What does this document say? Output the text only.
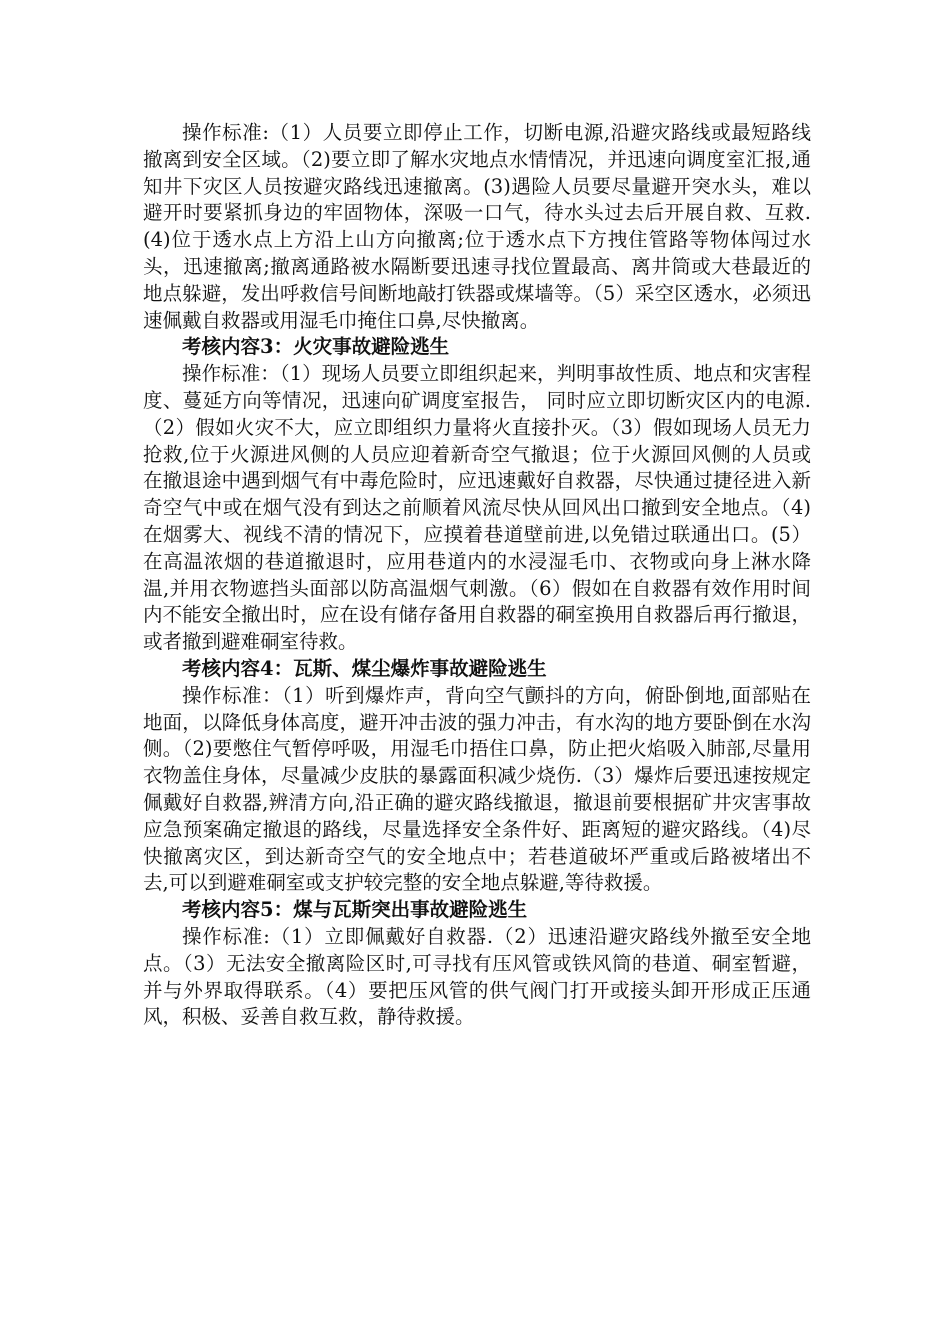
操作标准:（1）人员要立即停止工作，切断电源,沿避灾路线或最短路线撤离到安全区域。（2)要立即了解水灾地点水情情况，并迅速向调度室汇报,通知井下灾区人员按避灾路线迅速撤离。(3)遇险人员要尽量避开突水头，难以避开时要紧抓身边的牢固物体，深吸一口气，待水头过去后开展自救、互救.(4)位于透水点上方沿上山方向撤离;位于透水点下方拽住管路等物体闯过水头，迅速撤离;撤离通路被水隔断要迅速寻找位置最高、离井筒或大巷最近的地点躲避，发出呼救信号间断地敲打铁器或煤墙等。（5）采空区透水，必须迅速佩戴自救器或用湿毛巾掩住口鼻,尽快撤离。

考核内容3：火灾事故避险逃生

操作标准：（1）现场人员要立即组织起来，判明事故性质、地点和灾害程度、蔓延方向等情况，迅速向矿调度室报告， 同时应立即切断灾区内的电源.（2）假如火灾不大，应立即组织力量将火直接扑灭。（3）假如现场人员无力抢救,位于火源进风侧的人员应迎着新奇空气撤退；位于火源回风侧的人员或在撤退途中遇到烟气有中毒危险时，应迅速戴好自救器，尽快通过捷径进入新奇空气中或在烟气没有到达之前顺着风流尽快从回风出口撤到安全地点。（4)在烟雾大、视线不清的情况下，应摸着巷道壁前进,以免错过联通出口。(5）在高温浓烟的巷道撤退时，应用巷道内的水浸湿毛巾、衣物或向身上淋水降温,并用衣物遮挡头面部以防高温烟气刺激。（6）假如在自救器有效作用时间内不能安全撤出时，应在设有储存备用自救器的硐室换用自救器后再行撤退，或者撤到避难硐室待救。

考核内容4：瓦斯、煤尘爆炸事故避险逃生

操作标准：（1）听到爆炸声，背向空气颤抖的方向，俯卧倒地,面部贴在地面，以降低身体高度，避开冲击波的强力冲击，有水沟的地方要卧倒在水沟侧。（2)要憋住气暂停呼吸，用湿毛巾捂住口鼻，防止把火焰吸入肺部,尽量用衣物盖住身体，尽量减少皮肤的暴露面积减少烧伤.（3）爆炸后要迅速按规定佩戴好自救器,辨清方向,沿正确的避灾路线撤退，撤退前要根据矿井灾害事故应急预案确定撤退的路线，尽量选择安全条件好、距离短的避灾路线。（4)尽快撤离灾区，到达新奇空气的安全地点中；若巷道破坏严重或后路被堵出不去,可以到避难硐室或支护较完整的安全地点躲避,等待救援。

考核内容5：煤与瓦斯突出事故避险逃生

操作标准:（1）立即佩戴好自救器.（2）迅速沿避灾路线外撤至安全地点。（3）无法安全撤离险区时,可寻找有压风管或铁风筒的巷道、硐室暂避，并与外界取得联系。（4）要把压风管的供气阀门打开或接头卸开形成正压通风，积极、妥善自救互救，静待救援。
